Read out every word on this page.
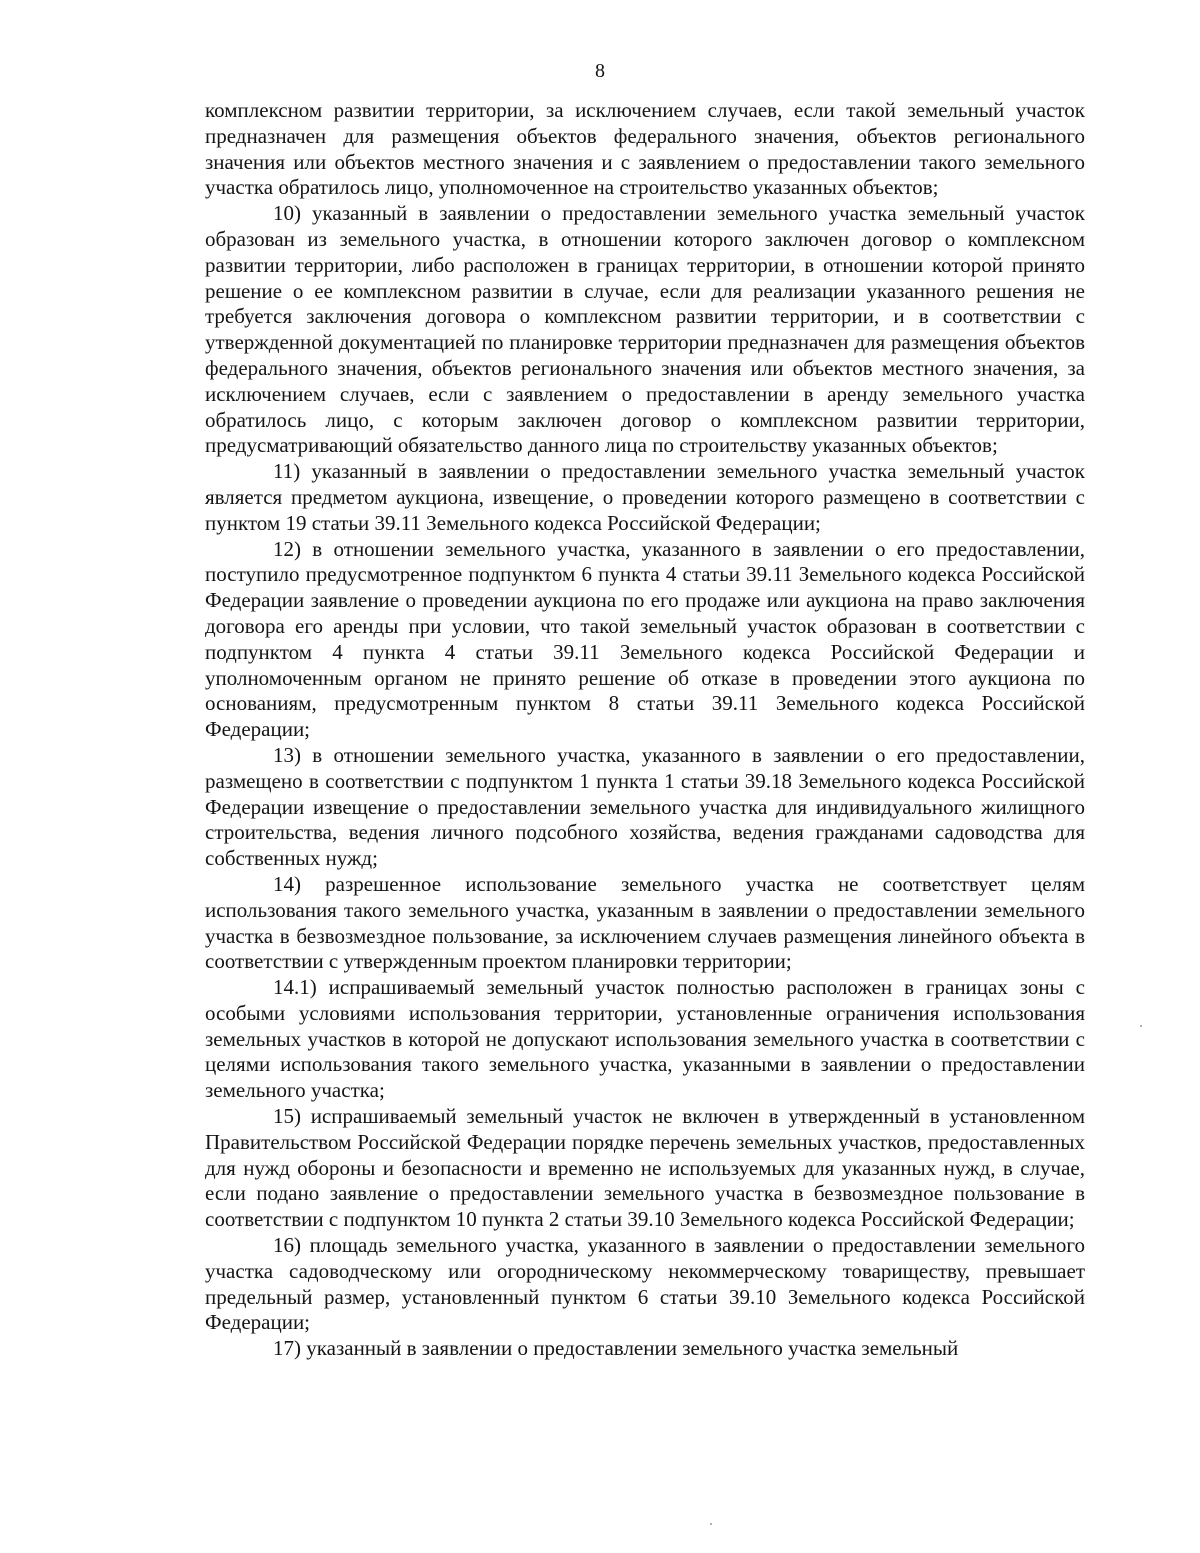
8

комплексном развитии территории, за исключением случаев, если такой земельный участок предназначен для размещения объектов федерального значения, объектов регионального значения или объектов местного значения и с заявлением о предоставлении такого земельного участка обратилось лицо, уполномоченное на строительство указанных объектов;

10) указанный в заявлении о предоставлении земельного участка земельный участок образован из земельного участка, в отношении которого заключен договор о комплексном развитии территории, либо расположен в границах территории, в отношении которой принято решение о ее комплексном развитии в случае, если для реализации указанного решения не требуется заключения договора о комплексном развитии территории, и в соответствии с утвержденной документацией по планировке территории предназначен для размещения объектов федерального значения, объектов регионального значения или объектов местного значения, за исключением случаев, если с заявлением о предоставлении в аренду земельного участка обратилось лицо, с которым заключен договор о комплексном развитии территории, предусматривающий обязательство данного лица по строительству указанных объектов;

11) указанный в заявлении о предоставлении земельного участка земельный участок является предметом аукциона, извещение, о проведении которого размещено в соответствии с пунктом 19 статьи 39.11 Земельного кодекса Российской Федерации;

12) в отношении земельного участка, указанного в заявлении о его предоставлении, поступило предусмотренное подпунктом 6 пункта 4 статьи 39.11 Земельного кодекса Российской Федерации заявление о проведении аукциона по его продаже или аукциона на право заключения договора его аренды при условии, что такой земельный участок образован в соответствии с подпунктом 4 пункта 4 статьи 39.11 Земельного кодекса Российской Федерации и уполномоченным органом не принято решение об отказе в проведении этого аукциона по основаниям, предусмотренным пунктом 8 статьи 39.11 Земельного кодекса Российской Федерации;

13) в отношении земельного участка, указанного в заявлении о его предоставлении, размещено в соответствии с подпунктом 1 пункта 1 статьи 39.18 Земельного кодекса Российской Федерации извещение о предоставлении земельного участка для индивидуального жилищного строительства, ведения личного подсобного хозяйства, ведения гражданами садоводства для собственных нужд;

14) разрешенное использование земельного участка не соответствует целям использования такого земельного участка, указанным в заявлении о предоставлении земельного участка в безвозмездное пользование, за исключением случаев размещения линейного объекта в соответствии с утвержденным проектом планировки территории;

14.1) испрашиваемый земельный участок полностью расположен в границах зоны с особыми условиями использования территории, установленные ограничения использования земельных участков в которой не допускают использования земельного участка в соответствии с целями использования такого земельного участка, указанными в заявлении о предоставлении земельного участка;

15) испрашиваемый земельный участок не включен в утвержденный в установленном Правительством Российской Федерации порядке перечень земельных участков, предоставленных для нужд обороны и безопасности и временно не используемых для указанных нужд, в случае, если подано заявление о предоставлении земельного участка в безвозмездное пользование в соответствии с подпунктом 10 пункта 2 статьи 39.10 Земельного кодекса Российской Федерации;

16) площадь земельного участка, указанного в заявлении о предоставлении земельного участка садоводческому или огородническому некоммерческому товариществу, превышает предельный размер, установленный пунктом 6 статьи 39.10 Земельного кодекса Российской Федерации;

17) указанный в заявлении о предоставлении земельного участка земельный
